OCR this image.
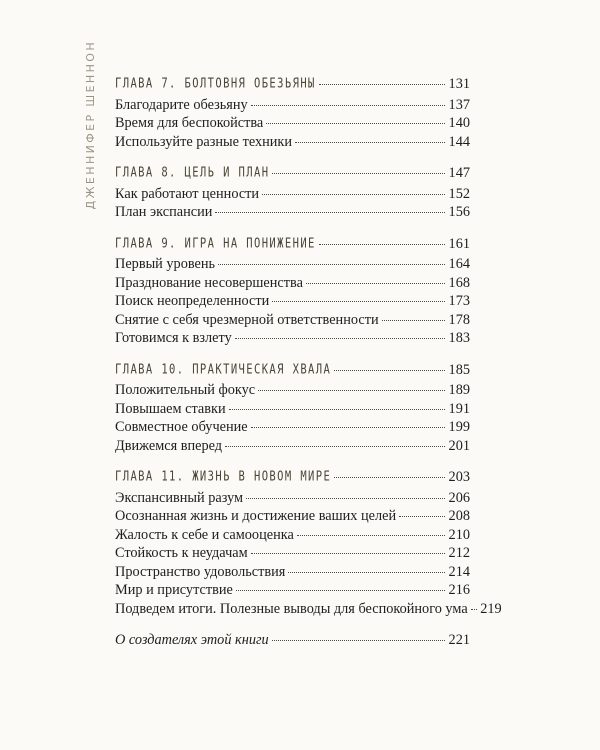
ДЖЕННИФЕР ШЕННОН ГЛАВА 7. БОЛТОВНЯ ОБЕЗЬЯНЫ	131
Благодарите обезьяну	137
Время для беспокойства	140
Используйте разные техники	144
ГЛАВА 8. ЦЕЛЬ И ПЛАН	147
Как работают ценности	152
План экспансии	156
ГЛАВА 9. ИГРА НА ПОНИЖЕНИЕ	161
Первый уровень	164
Празднование несовершенства	168
Поиск неопределенности	173
Снятие с себя чрезмерной ответственности	178
Готовимся к взлету	183
ГЛАВА 10. ПРАКТИЧЕСКАЯ ХВАЛА	185
Положительный фокус	189
Повышаем ставки	191
Совместное обучение	199
Движемся вперед	201
ГЛАВА 11. ЖИЗНЬ В НОВОМ МИРЕ	203
Экспансивный разум	206
Осознанная жизнь и достижение ваших целей	208
Жалость к себе и самооценка	210
Стойкость к неудачам	212
Пространство удовольствия	214
Мир и присутствие	216
Подведем итоги. Полезные выводы для беспокойного ума 219
О создателях этой книги	221
